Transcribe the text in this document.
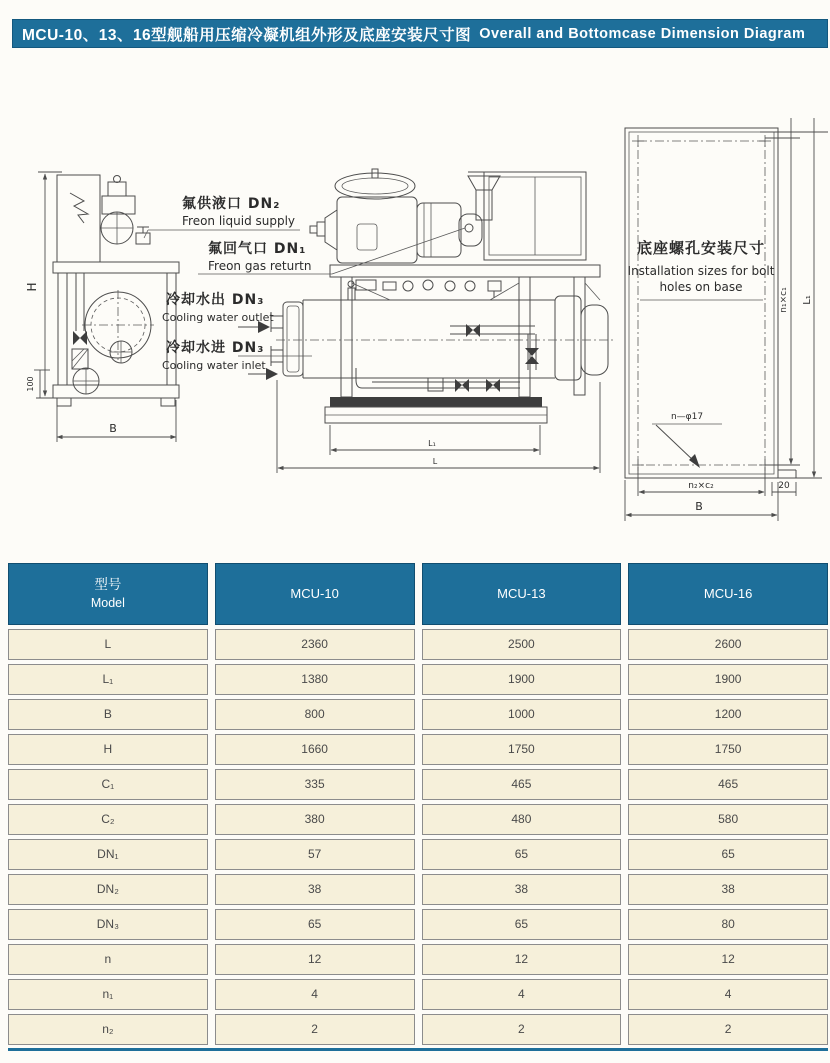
MCU-10、13、16型舰船用压缩冷凝机组外形及底座安装尺寸图 Overall and Bottomcase Dimension Diagram
H
100
B
L₁
L
底座螺孔安装尺寸
Installation sizes for bolt
holes on base
n—φ17
20
n₂×c₂
B
n₁×c₁ L₁
氟供液口 DN₂
Freon liquid supply
氟回气口 DN₁
Freon gas returtn
冷却水出 DN₃
Cooling water outlet
冷却水进 DN₃
Cooling water inlet
型号
Model
MCU-10	MCU-13	MCU-16
L	2360	2500	2600
L₁	1380	1900	1900
B	800	1000	1200
H	1660	1750	1750
C₁	335	465	465
C₂	380	480	580
DN₁	57	65	65
DN₂	38	38	38
DN₃	65	65	80
n	12	12	12
n₁	4	4	4
n₂	2	2	2
